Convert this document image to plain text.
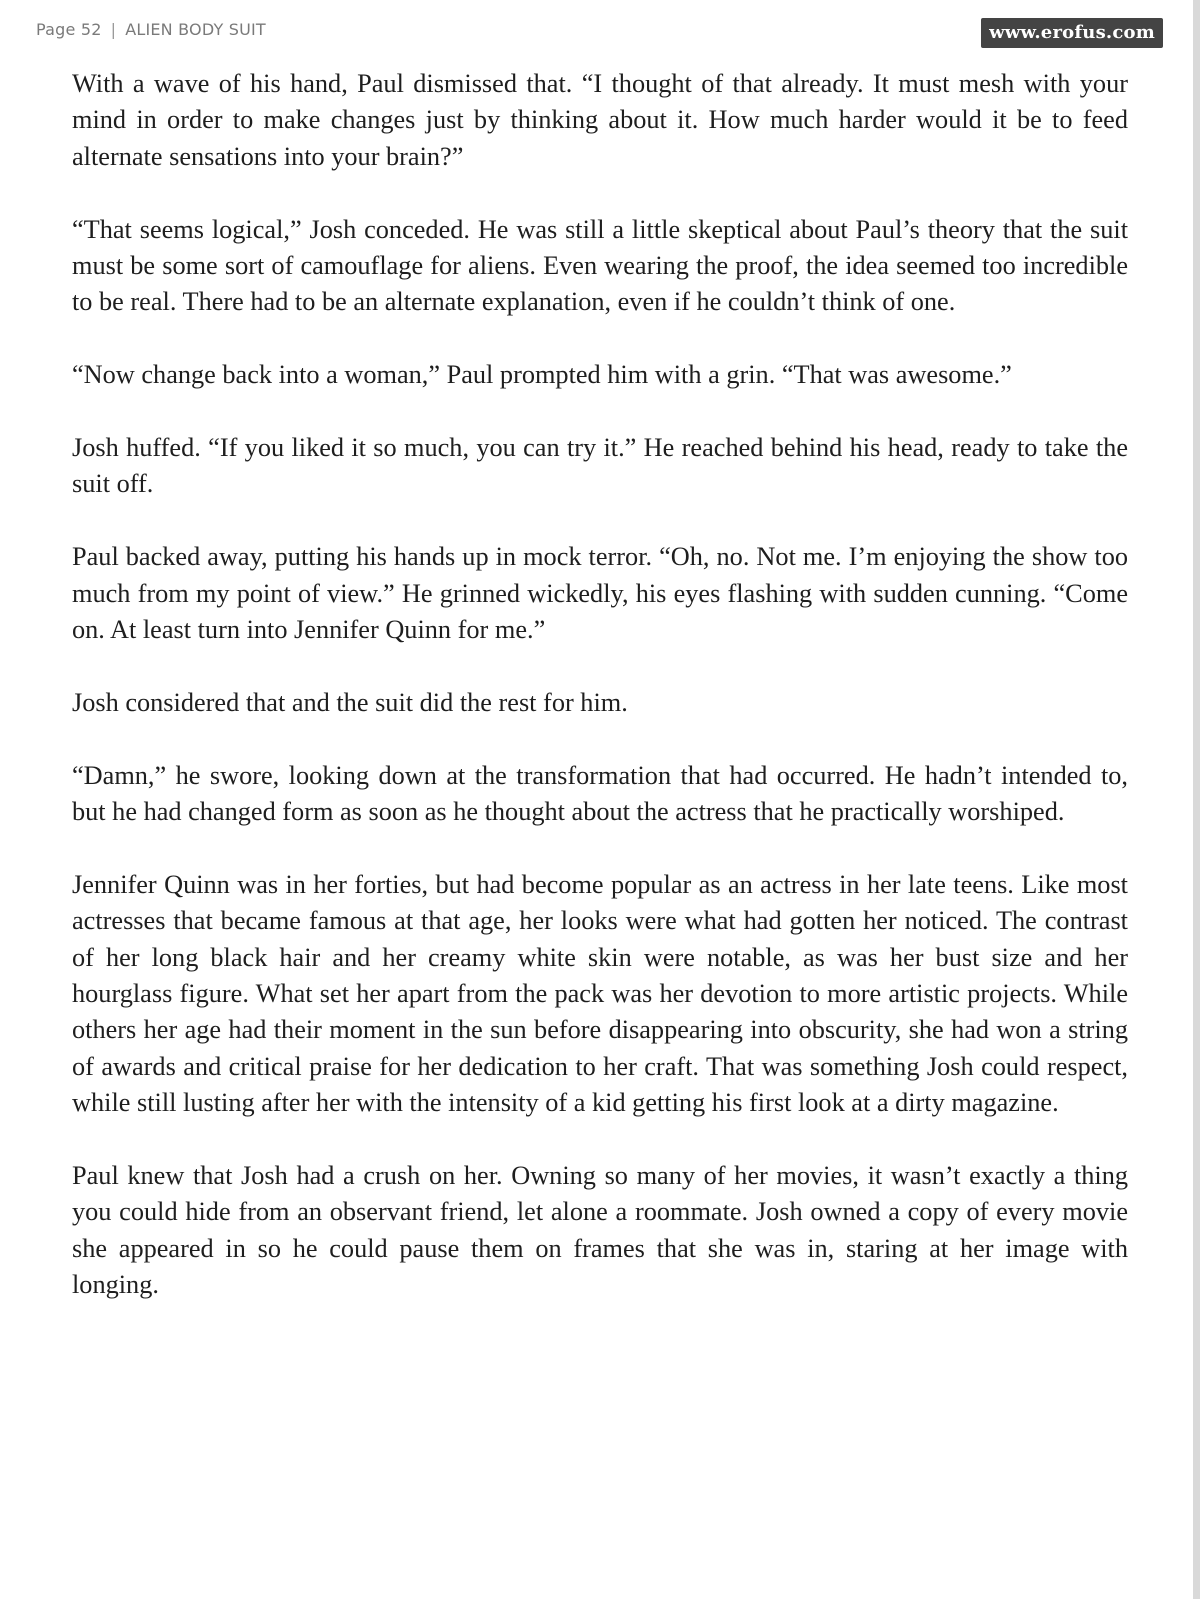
Page 52 | ALIEN BODY SUIT	www.erofus.com

With a wave of his hand, Paul dismissed that. “I thought of that already. It must mesh with your mind in order to make changes just by thinking about it. How much harder would it be to feed alternate sensations into your brain?”

“That seems logical,” Josh conceded. He was still a little skeptical about Paul’s theory that the suit must be some sort of camouflage for aliens. Even wearing the proof, the idea seemed too incredible to be real. There had to be an alternate explanation, even if he couldn’t think of one.

“Now change back into a woman,” Paul prompted him with a grin. “That was awesome.”

Josh huffed. “If you liked it so much, you can try it.” He reached behind his head, ready to take the suit off.

Paul backed away, putting his hands up in mock terror. “Oh, no. Not me. I’m enjoying the show too much from my point of view.” He grinned wickedly, his eyes flashing with sudden cunning. “Come on. At least turn into Jennifer Quinn for me.”

Josh considered that and the suit did the rest for him.

“Damn,” he swore, looking down at the transformation that had occurred. He hadn’t intended to, but he had changed form as soon as he thought about the actress that he practically worshiped.

Jennifer Quinn was in her forties, but had become popular as an actress in her late teens. Like most actresses that became famous at that age, her looks were what had gotten her noticed. The contrast of her long black hair and her creamy white skin were notable, as was her bust size and her hourglass figure. What set her apart from the pack was her devotion to more artistic projects. While others her age had their moment in the sun before disappearing into obscurity, she had won a string of awards and critical praise for her dedication to her craft. That was something Josh could respect, while still lusting after her with the intensity of a kid getting his first look at a dirty magazine.

Paul knew that Josh had a crush on her. Owning so many of her movies, it wasn’t exactly a thing you could hide from an observant friend, let alone a roommate. Josh owned a copy of every movie she appeared in so he could pause them on frames that she was in, staring at her image with longing.
